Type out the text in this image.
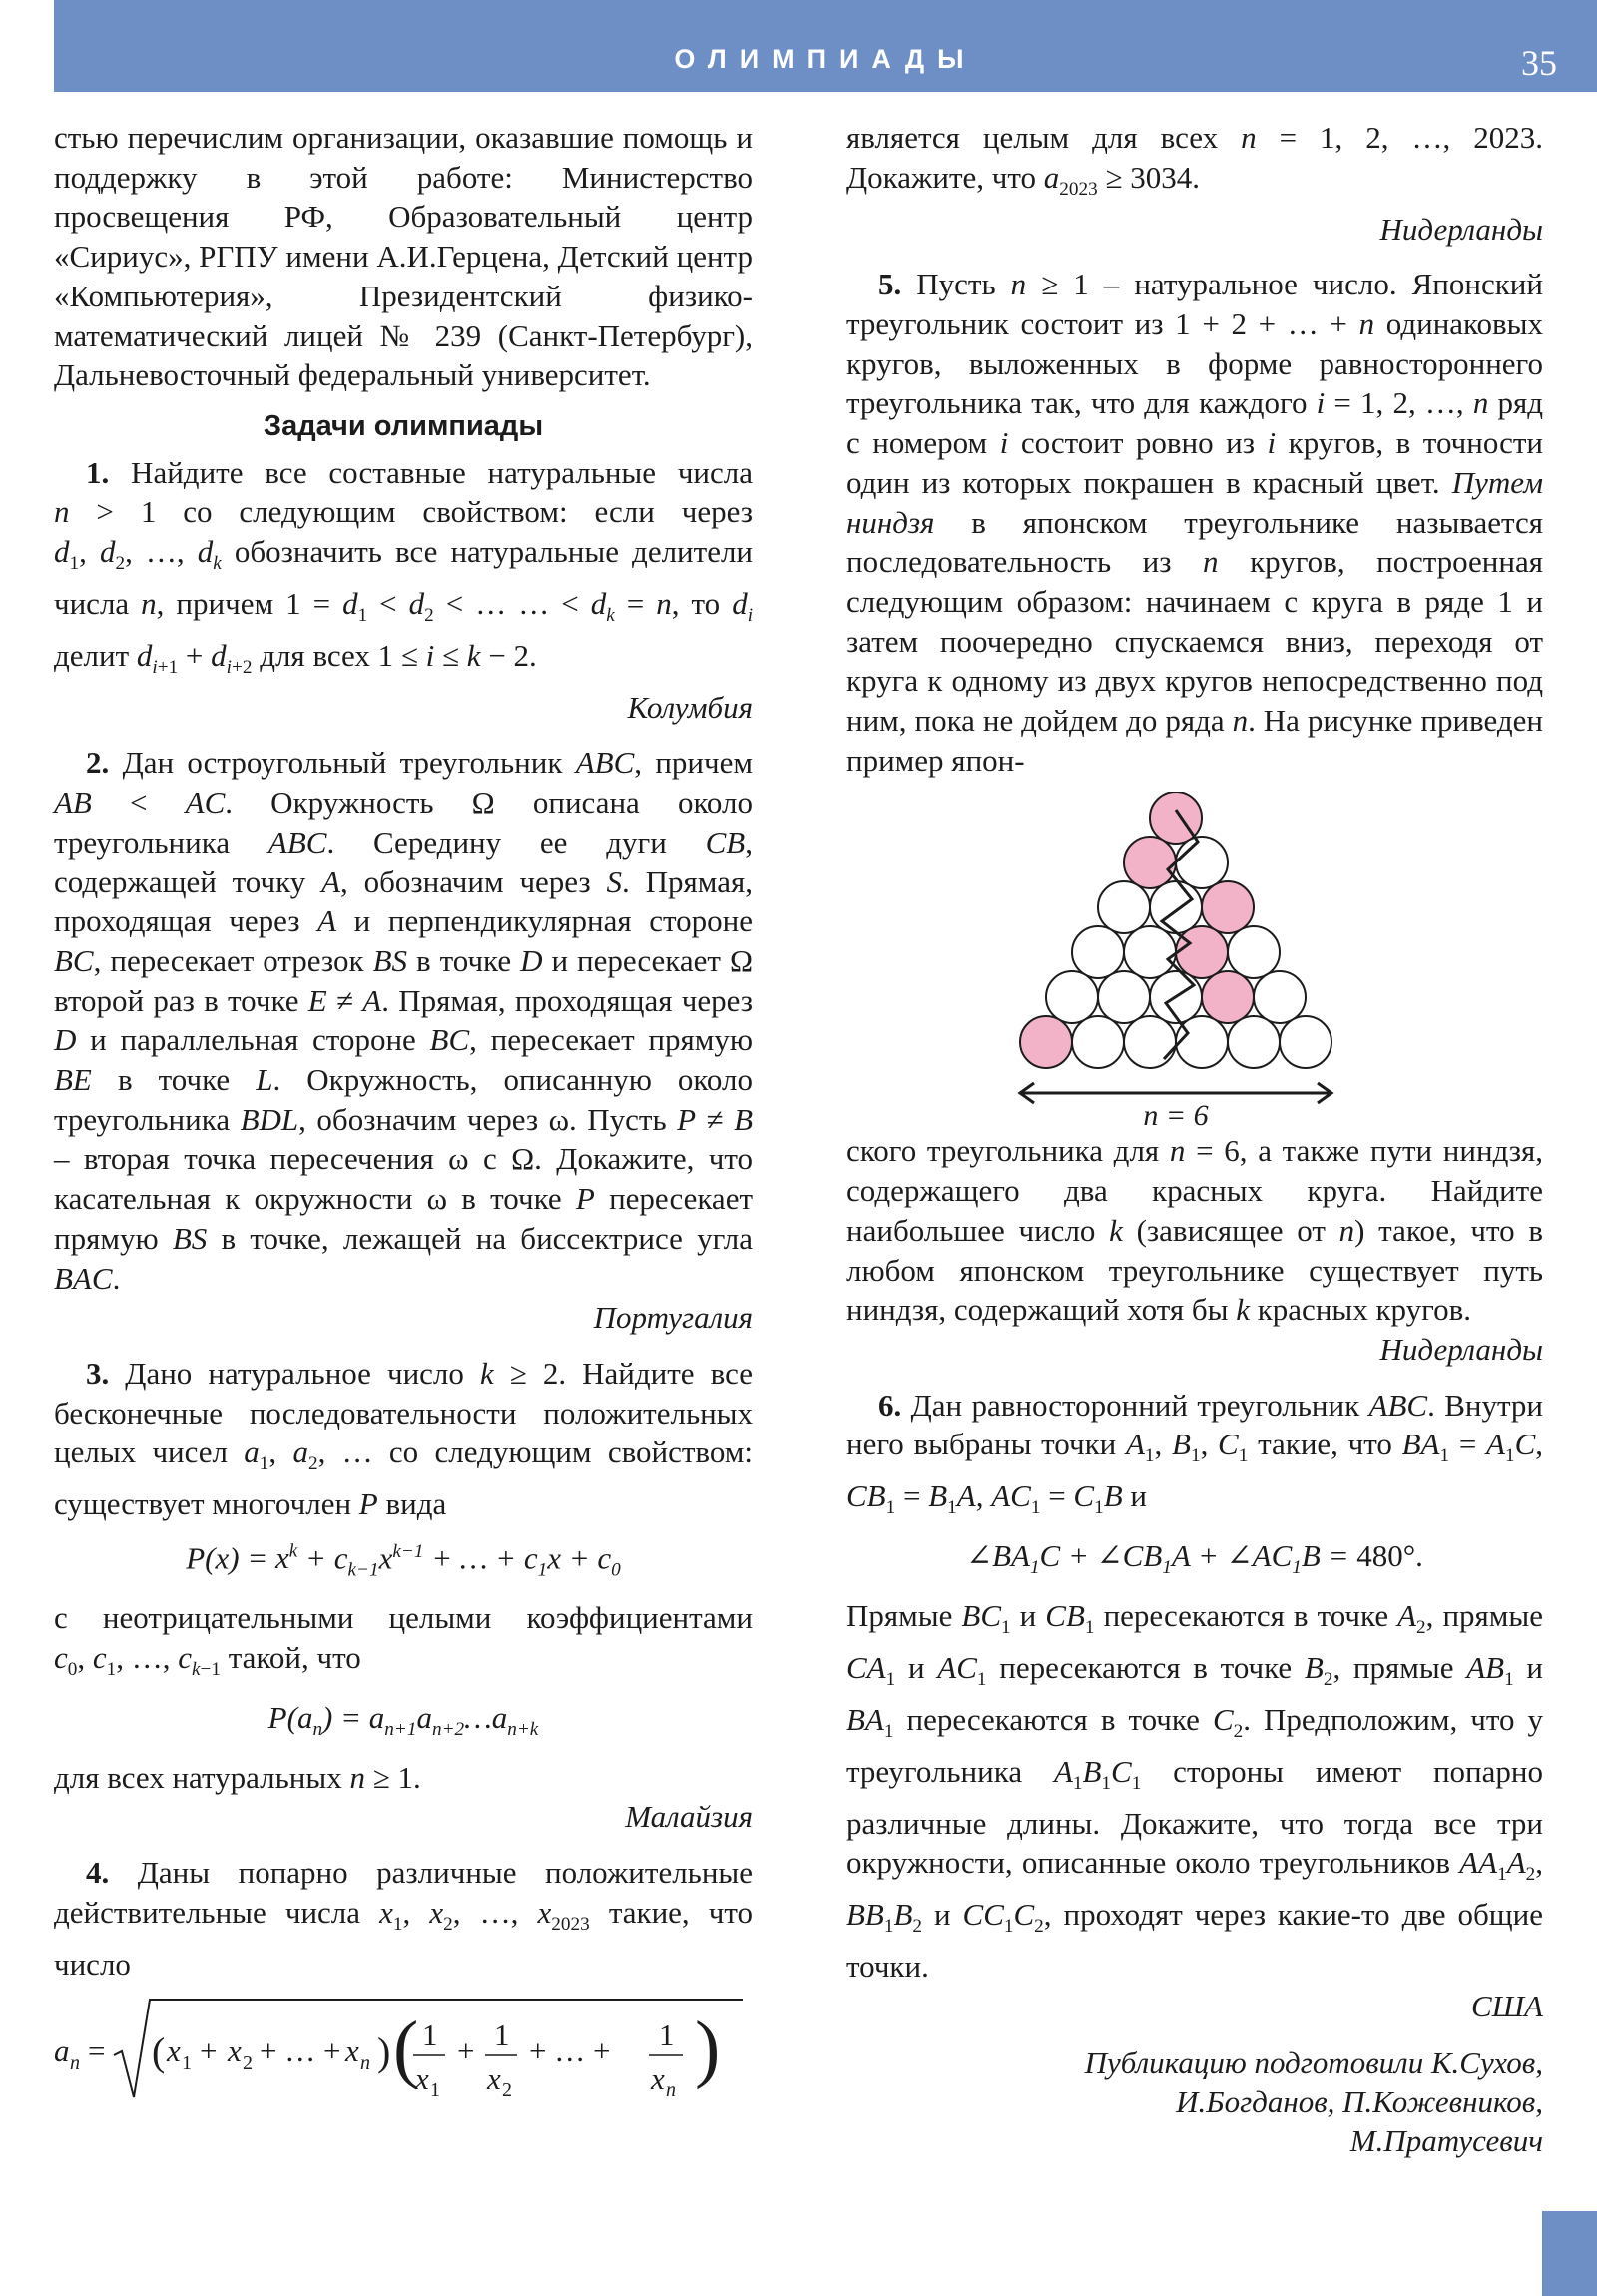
ОЛИМПИАДЫ	35

стью перечислим организации, оказавшие помощь и поддержку в этой работе: Министерство просвещения РФ, Образовательный центр «Сириус», РГПУ имени А.И.Герцена, Детский центр «Компьютерия», Президентский физико-математический лицей № 239 (Санкт-Петербург), Дальневосточный федеральный университет.

Задачи олимпиады

1. Найдите все составные натуральные числа n > 1 со следующим свойством: если через $d_1$, $d_2$, …, $d_k$ обозначить все натуральные делители числа n, причем $1 = d_1 < d_2$ < … … < $d_k = n$, то $d_i$ делит $d_{i+1} + d_{i+2}$ для всех 1 ≤ i ≤ k − 2.

Колумбия

2. Дан остроугольный треугольник ABC, причем AB < AC. Окружность Ω описана около треугольника ABC. Середину ее дуги CB, содержащей точку A, обозначим через S. Прямая, проходящая через A и перпендикулярная стороне BC, пересекает отрезок BS в точке D и пересекает Ω второй раз в точке E ≠ A. Прямая, проходящая через D и параллельная стороне BC, пересекает прямую BE в точке L. Окружность, описанную около треугольника BDL, обозначим через ω. Пусть P ≠ B – вторая точка пересечения ω с Ω. Докажите, что касательная к окружности ω в точке P пересекает прямую BS в точке, лежащей на биссектрисе угла BAC.

Португалия

3. Дано натуральное число k ≥ 2. Найдите все бесконечные последовательности положительных целых чисел $a_1$, $a_2$, … со следующим свойством: существует многочлен P вида

$P(x) = x^k + c_{k-1}x^{k-1}$ + … + $c_1x + c_0$

с неотрицательными целыми коэффициентами $c_0$, $c_1$, …, $c_{k-1}$ такой, что

$P(a_n)$ = $a_{n+1}a_{n+2}\dots a_{n+k}$

для всех натуральных n ≥ 1.

Малайзия

4. Даны попарно различные положительные действительные числа $x_1$, $x_2$, …, $x_{2023}$ такие, что число

a n = ( x 1 + x 2 + … + x n ) ( 1
x 1
+ 1
x 2
+ … + 1
x n )

является целым для всех n = 1, 2, …, 2023. Докажите, что $a_{2023} \ge 3034$.

Нидерланды

5. Пусть n ≥ 1 – натуральное число. Японский треугольник состоит из 1 + 2 + … + n одинаковых кругов, выложенных в форме равностороннего треугольника так, что для каждого i = 1, 2, …, n ряд с номером i состоит ровно из i кругов, в точности один из которых покрашен в красный цвет. Путем ниндзя в японском треугольнике называется последовательность из n кругов, построенная следующим образом: начинаем с круга в ряде 1 и затем поочередно спускаемся вниз, переходя от круга к одному из двух кругов непосредственно под ним, пока не дойдем до ряда n. На рисунке приведен пример япон-

n = 6

ского треугольника для n = 6, а также пути ниндзя, содержащего два красных круга. Найдите наибольшее число k (зависящее от n) такое, что в любом японском треугольнике существует путь ниндзя, содержащий хотя бы k красных кругов.

Нидерланды

6. Дан равносторонний треугольник ABC. Внутри него выбраны точки $A_1$, $B_1$, $C_1$ такие, что $BA_1 = A_1C$, $CB_1 = B_1A$, $AC_1 = C_1B$ и

$\angle BA_1C$ + $\angle CB_1A$ + $\angle AC_1B = 480^\circ$.

Прямые $BC_1$ и $CB_1$ пересекаются в точке $A_2$, прямые $CA_1$ и $AC_1$ пересекаются в точке $B_2$, прямые $AB_1$ и $BA_1$ пересекаются в точке $C_2$. Предположим, что у треугольника $A_1B_1C_1$ стороны имеют попарно различные длины. Докажите, что тогда все три окружности, описанные около треугольников $AA_1A_2$, $BB_1B_2$ и $CC_1C_2$, проходят через какие-то две общие точки.

США

Публикацию подготовили К.Сухов,
И.Богданов, П.Кожевников,
М.Пратусевич
